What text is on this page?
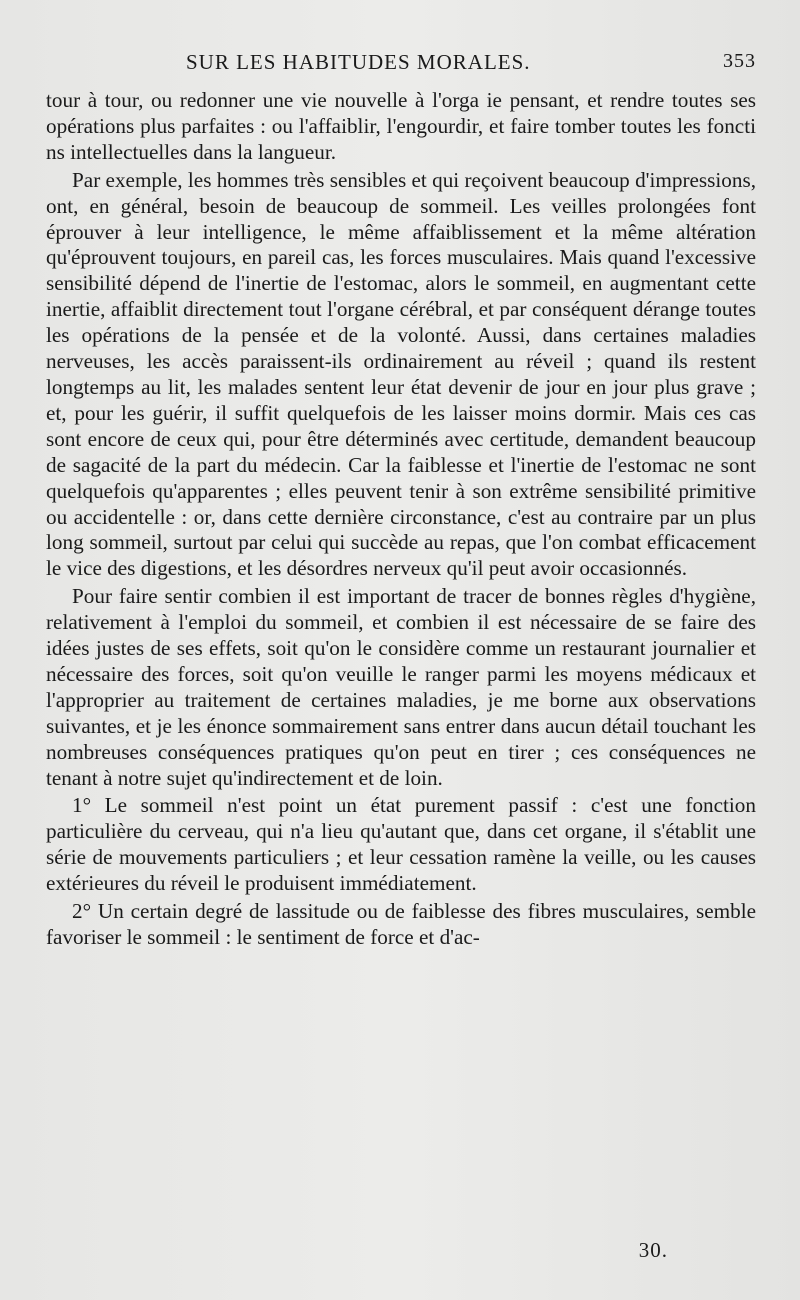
SUR LES HABITUDES MORALES.	353

tour à tour, ou redonner une vie nouvelle à l'orga ie pensant, et rendre toutes ses opérations plus parfaites : ou l'affaiblir, l'engourdir, et faire tomber toutes les foncti ns intellectuelles dans la langueur.

Par exemple, les hommes très sensibles et qui reçoivent beaucoup d'impressions, ont, en général, besoin de beaucoup de sommeil. Les veilles prolongées font éprouver à leur intelligence, le même affaiblissement et la même altération qu'éprouvent toujours, en pareil cas, les forces musculaires. Mais quand l'excessive sensibilité dépend de l'inertie de l'estomac, alors le sommeil, en augmentant cette inertie, affaiblit directement tout l'organe cérébral, et par conséquent dérange toutes les opérations de la pensée et de la volonté. Aussi, dans certaines maladies nerveuses, les accès paraissent-ils ordinairement au réveil ; quand ils restent longtemps au lit, les malades sentent leur état devenir de jour en jour plus grave ; et, pour les guérir, il suffit quelquefois de les laisser moins dormir. Mais ces cas sont encore de ceux qui, pour être déterminés avec certitude, demandent beaucoup de sagacité de la part du médecin. Car la faiblesse et l'inertie de l'estomac ne sont quelquefois qu'apparentes ; elles peuvent tenir à son extrême sensibilité primitive ou accidentelle : or, dans cette dernière circonstance, c'est au contraire par un plus long sommeil, surtout par celui qui succède au repas, que l'on combat efficacement le vice des digestions, et les désordres nerveux qu'il peut avoir occasionnés.

Pour faire sentir combien il est important de tracer de bonnes règles d'hygiène, relativement à l'emploi du sommeil, et combien il est nécessaire de se faire des idées justes de ses effets, soit qu'on le considère comme un restaurant journalier et nécessaire des forces, soit qu'on veuille le ranger parmi les moyens médicaux et l'approprier au traitement de certaines maladies, je me borne aux observations suivantes, et je les énonce sommairement sans entrer dans aucun détail touchant les nombreuses conséquences pratiques qu'on peut en tirer ; ces conséquences ne tenant à notre sujet qu'indirectement et de loin.

1° Le sommeil n'est point un état purement passif : c'est une fonction particulière du cerveau, qui n'a lieu qu'autant que, dans cet organe, il s'établit une série de mouvements particuliers ; et leur cessation ramène la veille, ou les causes extérieures du réveil le produisent immédiatement.

2° Un certain degré de lassitude ou de faiblesse des fibres musculaires, semble favoriser le sommeil : le sentiment de force et d'ac-

30.
